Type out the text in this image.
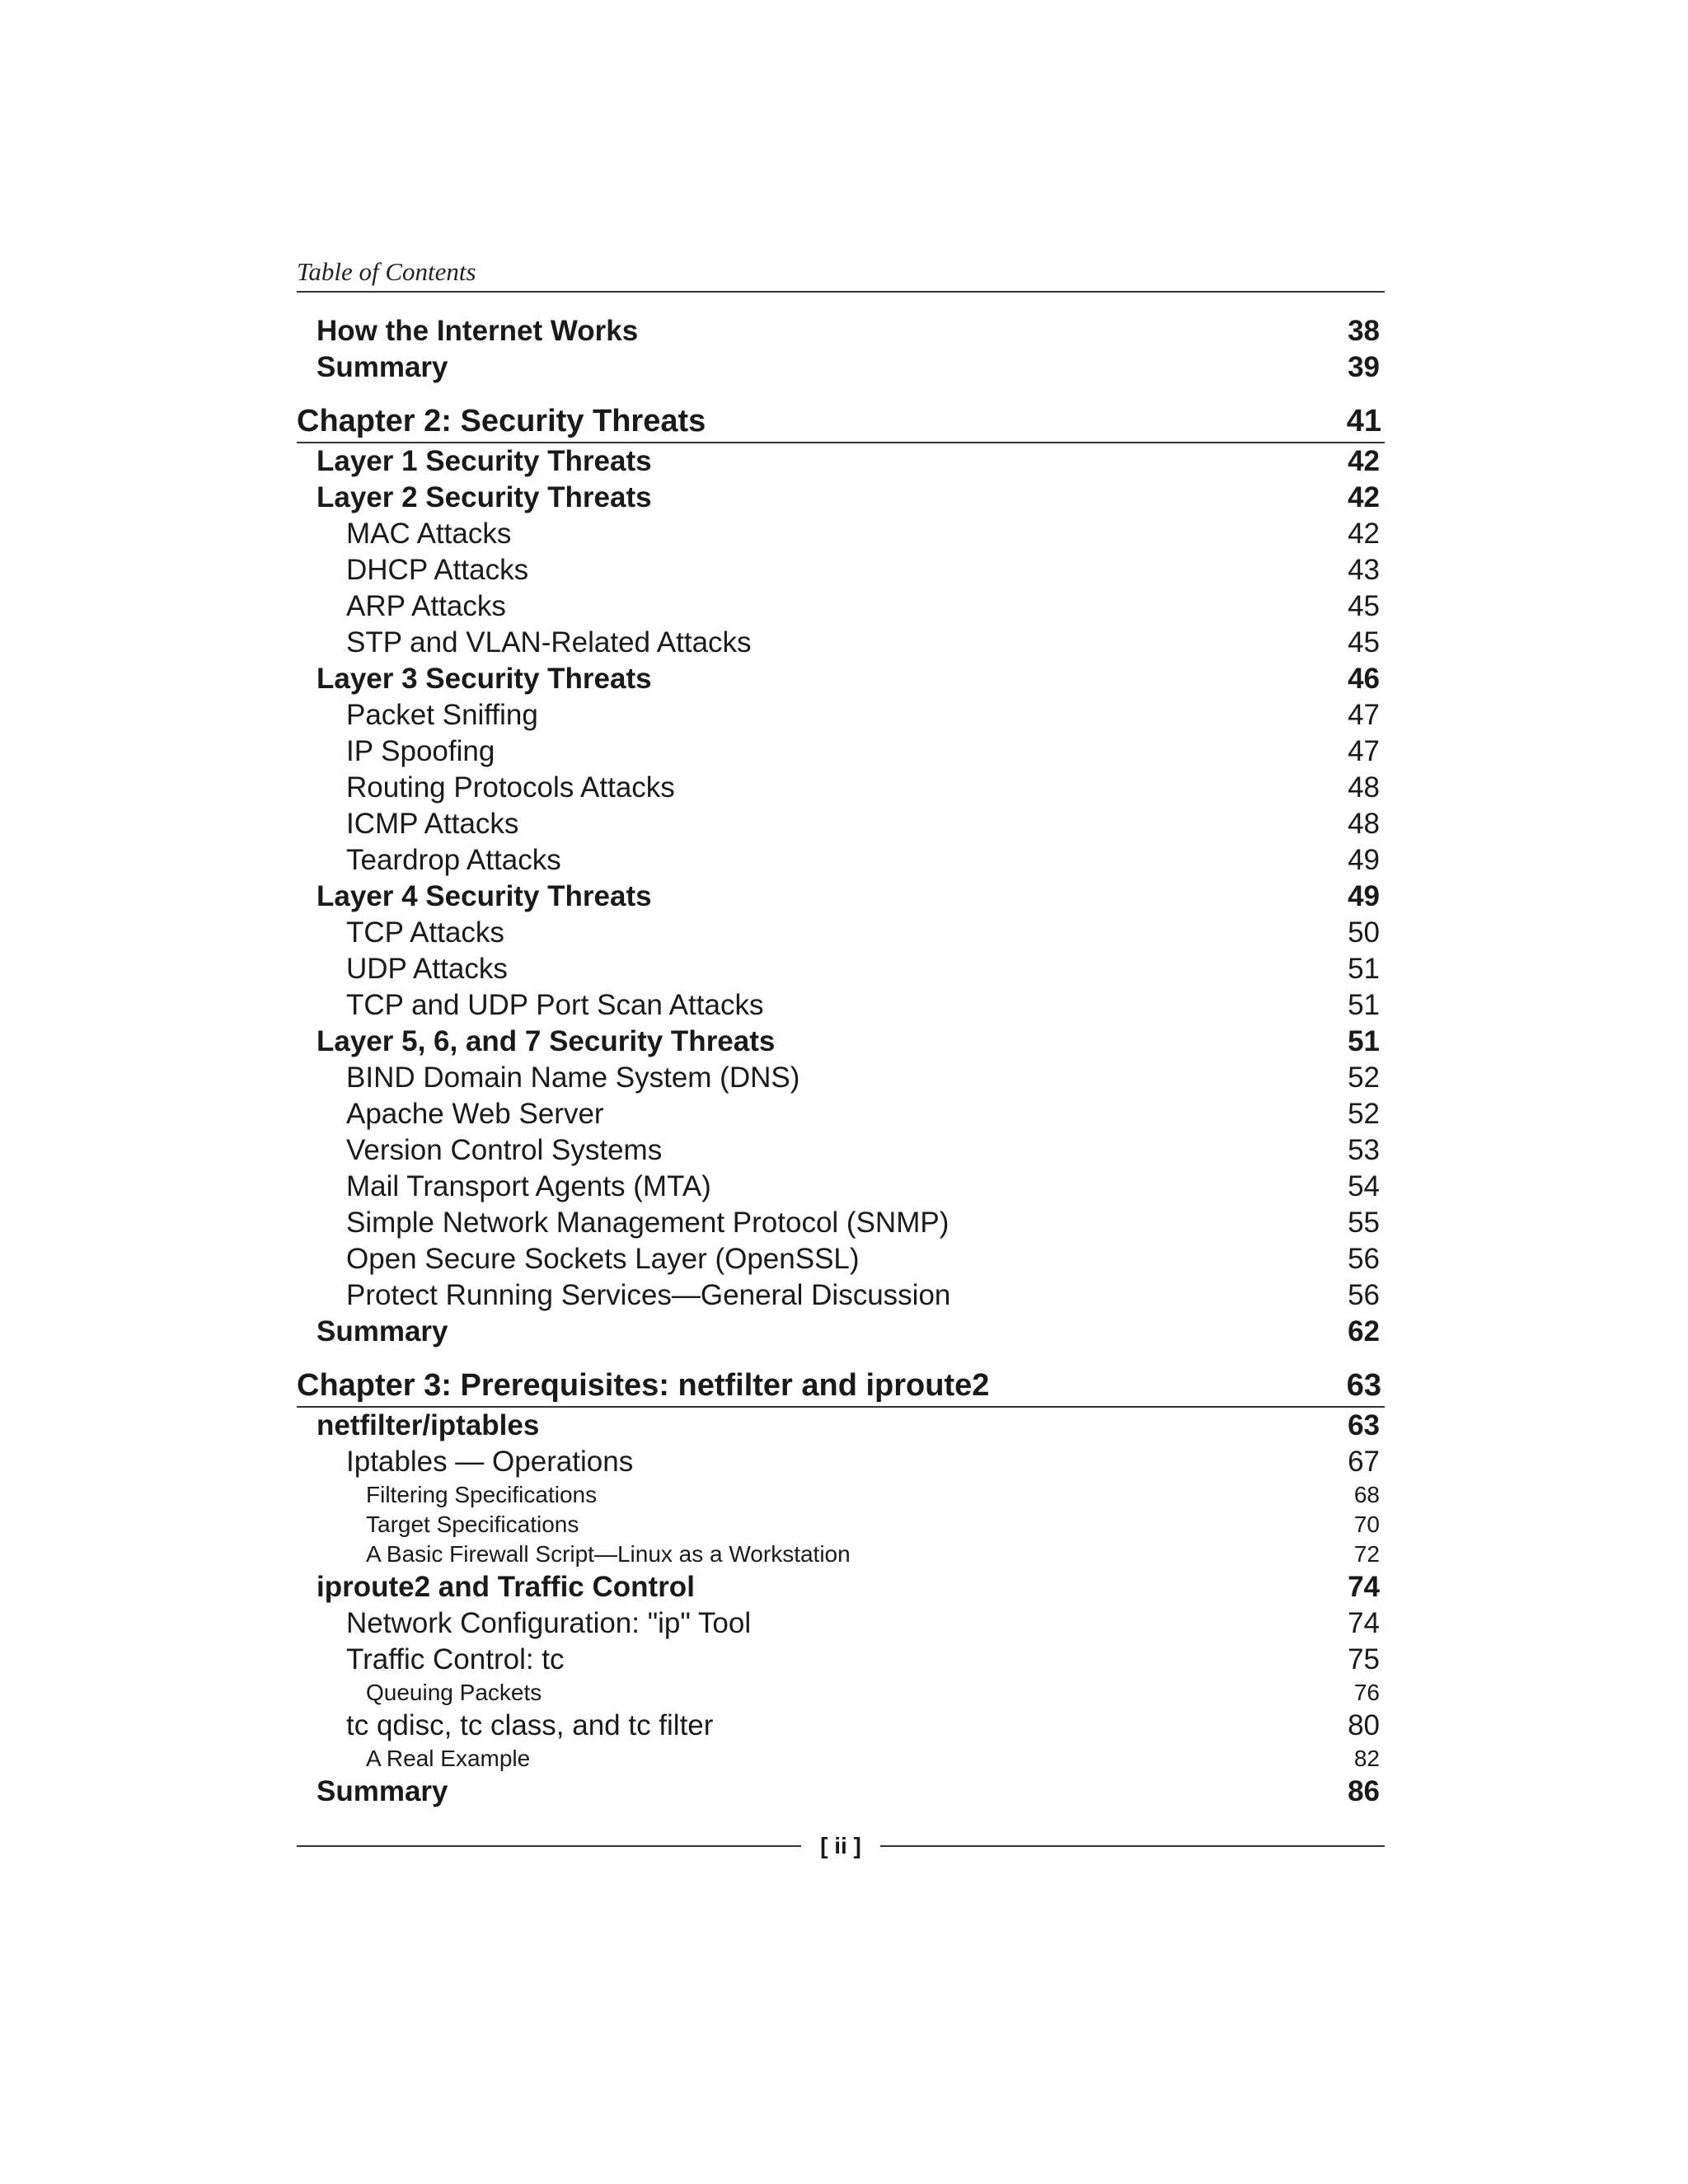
Table of Contents
How the Internet Works	38
Summary	39
Chapter 2: Security Threats	41
Layer 1 Security Threats	42
Layer 2 Security Threats	42
MAC Attacks	42
DHCP Attacks	43
ARP Attacks	45
STP and VLAN-Related Attacks	45
Layer 3 Security Threats	46
Packet Sniffing	47
IP Spoofing	47
Routing Protocols Attacks	48
ICMP Attacks	48
Teardrop Attacks	49
Layer 4 Security Threats	49
TCP Attacks	50
UDP Attacks	51
TCP and UDP Port Scan Attacks	51
Layer 5, 6, and 7 Security Threats	51
BIND Domain Name System (DNS)	52
Apache Web Server	52
Version Control Systems	53
Mail Transport Agents (MTA)	54
Simple Network Management Protocol (SNMP)	55
Open Secure Sockets Layer (OpenSSL)	56
Protect Running Services—General Discussion	56
Summary	62
Chapter 3: Prerequisites: netfilter and iproute2	63
netfilter/iptables	63
Iptables — Operations	67
Filtering Specifications	68
Target Specifications	70
A Basic Firewall Script—Linux as a Workstation	72
iproute2 and Traffic Control	74
Network Configuration: "ip" Tool	74
Traffic Control: tc	75
Queuing Packets	76
tc qdisc, tc class, and tc filter	80
A Real Example	82
Summary	86
[ ii ]
